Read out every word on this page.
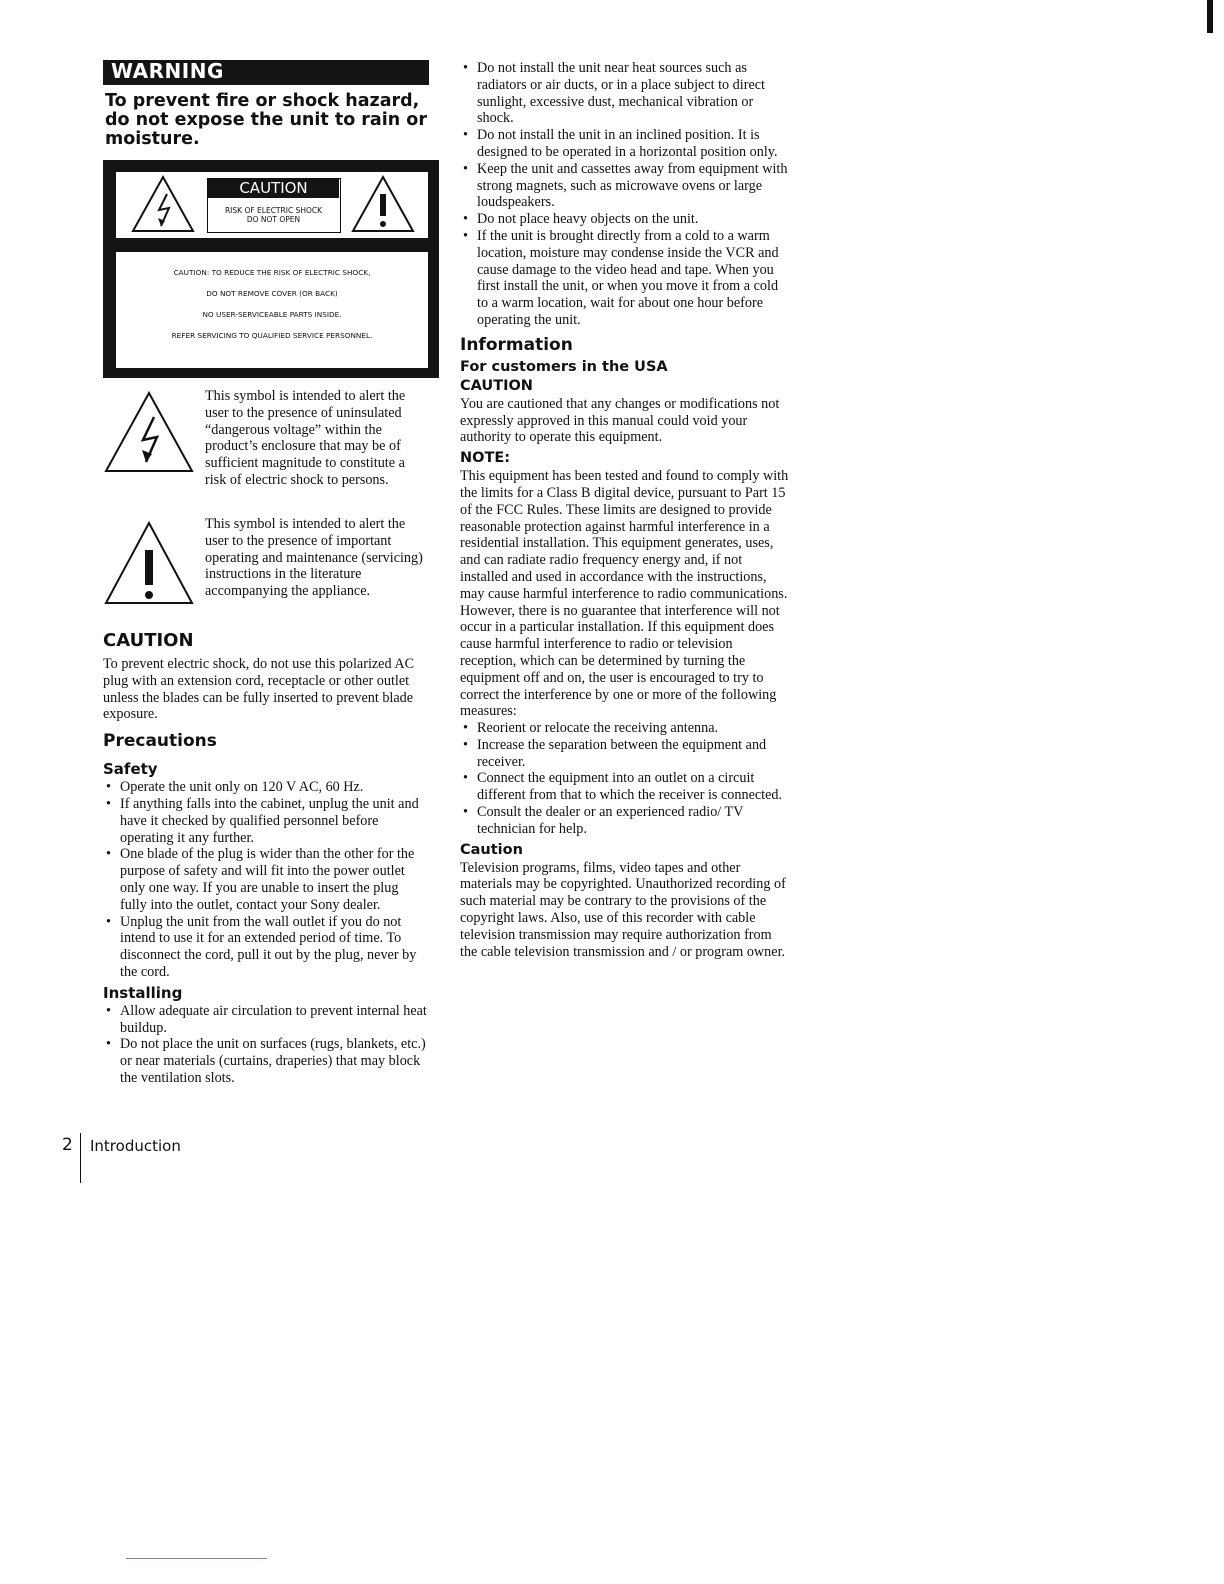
WARNING
To prevent fire or shock hazard, do not expose the unit to rain or moisture.
CAUTION
RISK OF ELECTRIC SHOCK
DO NOT OPEN
CAUTION: TO REDUCE THE RISK OF ELECTRIC SHOCK,
DO NOT REMOVE COVER (OR BACK)
NO USER-SERVICEABLE PARTS INSIDE.
REFER SERVICING TO QUALIFIED SERVICE PERSONNEL.
This symbol is intended to alert the user to the presence of uninsulated “dangerous voltage” within the product’s enclosure that may be of sufficient magnitude to constitute a risk of electric shock to persons.
This symbol is intended to alert the user to the presence of important operating and maintenance (servicing) instructions in the literature accompanying the appliance.
CAUTION
To prevent electric shock, do not use this polarized AC plug with an extension cord, receptacle or other outlet unless the blades can be fully inserted to prevent blade exposure.
Precautions
Safety
• Operate the unit only on 120 V AC, 60 Hz.
• If anything falls into the cabinet, unplug the unit and have it checked by qualified personnel before operating it any further.
• One blade of the plug is wider than the other for the purpose of safety and will fit into the power outlet only one way. If you are unable to insert the plug fully into the outlet, contact your Sony dealer.
• Unplug the unit from the wall outlet if you do not intend to use it for an extended period of time. To disconnect the cord, pull it out by the plug, never by the cord.
Installing
• Allow adequate air circulation to prevent internal heat buildup.
• Do not place the unit on surfaces (rugs, blankets, etc.) or near materials (curtains, draperies) that may block the ventilation slots.
• Do not install the unit near heat sources such as radiators or air ducts, or in a place subject to direct sunlight, excessive dust, mechanical vibration or shock.
• Do not install the unit in an inclined position. It is designed to be operated in a horizontal position only.
• Keep the unit and cassettes away from equipment with strong magnets, such as microwave ovens or large loudspeakers.
• Do not place heavy objects on the unit.
• If the unit is brought directly from a cold to a warm location, moisture may condense inside the VCR and cause damage to the video head and tape. When you first install the unit, or when you move it from a cold to a warm location, wait for about one hour before operating the unit.
Information
For customers in the USA
CAUTION
You are cautioned that any changes or modifications not expressly approved in this manual could void your authority to operate this equipment.
NOTE:
This equipment has been tested and found to comply with the limits for a Class B digital device, pursuant to Part 15 of the FCC Rules. These limits are designed to provide reasonable protection against harmful interference in a residential installation. This equipment generates, uses, and can radiate radio frequency energy and, if not installed and used in accordance with the instructions, may cause harmful interference to radio communications. However, there is no guarantee that interference will not occur in a particular installation. If this equipment does cause harmful interference to radio or television reception, which can be determined by turning the equipment off and on, the user is encouraged to try to correct the interference by one or more of the following measures:
• Reorient or relocate the receiving antenna.
• Increase the separation between the equipment and receiver.
• Connect the equipment into an outlet on a circuit different from that to which the receiver is connected.
• Consult the dealer or an experienced radio/ TV technician for help.
Caution
Television programs, films, video tapes and other materials may be copyrighted. Unauthorized recording of such material may be contrary to the provisions of the copyright laws. Also, use of this recorder with cable television transmission may require authorization from the cable television transmission and / or program owner.
2 Introduction
